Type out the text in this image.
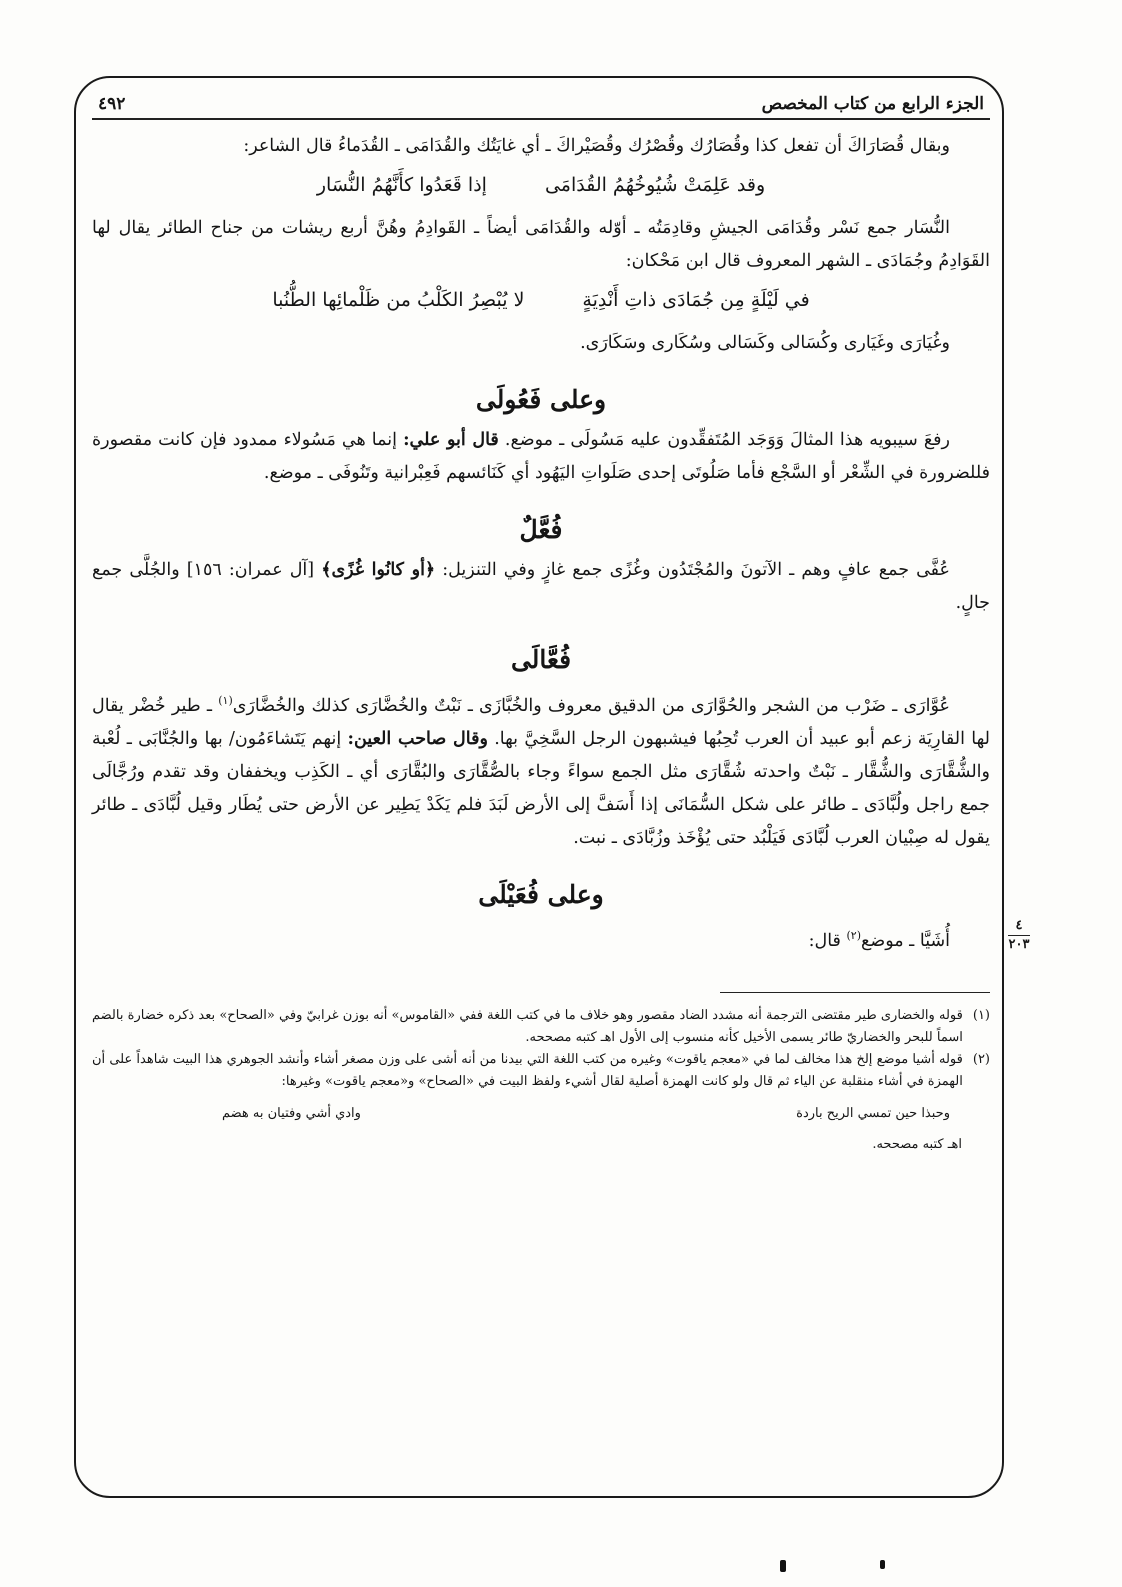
الجزء الرابع من كتاب المخصص
٤٩٢

وبقال قُصَارَاكَ أن تفعل كذا وقُصَارُك وقُصْرُك وقُصَيْراكَ ـ أي غايَتُك والقُدَامَى ـ القُدَماءُ قال الشاعر:

وقد عَلِمَتْ شُيُوخُهُمُ القُدَامَى
إذا قَعَدُوا كأَنَّهُمُ النُّسَار

النُّسَار جمع نَسْر وقُدَامَى الجيشِ وقادِمَتُه ـ أوّله والقُدَامَى أيضاً ـ القَوادِمُ وهُنَّ أربع ريشات من جناح الطائر يقال لها القَوَادِمُ وجُمَادَى ـ الشهر المعروف قال ابن مَحْكان:

في لَيْلَةٍ مِن جُمَادَى ذاتِ أَنْدِيَةٍ
لا يُبْصِرُ الكَلْبُ من ظَلْمائِها الطُّنُبا

وغُيَارَى وغَيَارى وكُسَالى وكَسَالى وسُكَارى وسَكَارَى.

وعلى فَعُولَى

رفعَ سيبويه هذا المثالَ وَوَجَد المُتَفقِّدون عليه مَسُولَى ـ موضع. قال أبو علي: إنما هي مَسُولاء ممدود فإن كانت مقصورة فللضرورة في الشِّعْر أو السَّجْع فأما صَلُوتَى إحدى صَلَواتِ اليَهُود أي كَنَائسهم فَعِبْرانية وتَنُوفَى ـ موضع.

فُعَّلٌ

عُفَّى جمع عافٍ وهم ـ الآتونَ والمُجْتَدُون وغُزًى جمع غازٍ وفي التنزيل: ﴿أو كانُوا غُزًى﴾ [آل عمران: ١٥٦] والجُلَّى جمع جالٍ.

فُعَّالَى

عُوَّارَى ـ ضَرْب من الشجر والحُوَّارَى من الدقيق معروف والخُبَّازَى ـ نَبْتٌ والخُضَّارَى كذلك والخُضَّارَى$^{(١)}$ ـ طير خُضْر يقال لها القارِيَة زعم أبو عبيد أن العرب تُحِبُها فيشبهون الرجل السَّخِيَّ بها. وقال صاحب العين: إنهم يَتَشاءَمُون/ بها والجُنَّابَى ـ لُعْبة والشُّقَّارَى والشُّقَّار ـ نَبْتٌ واحدته شُقَّارَى مثل الجمع سواءً وجاء بالصُّقَّارَى والبُقَّارَى أي ـ الكَذِب ويخففان وقد تقدم ورُجَّالَى جمع راجل ولُبَّادَى ـ طائر على شكل السُّمَانَى إذا أَسَفَّ إلى الأرض لَبَدَ فلم يَكَدْ يَطِير عن الأرض حتى يُطَار وقيل لُبَّادَى ـ طائر يقول له صِبْيان العرب لُبَّادَى فَيَلْبُد حتى يُؤْخَذ وزُبَّادَى ـ نبت.

وعلى فُعَيْلَى

أُشَيَّا ـ موضع$^{(٢)}$ قال:

(١)
قوله والخضارى طير مقتضى الترجمة أنه مشدد الضاد مقصور وهو خلاف ما في كتب اللغة ففي «القاموس» أنه بوزن غرابيّ وفي «الصحاح» بعد ذكره خضارة بالضم اسماً للبحر والخضاريّ طائر يسمى الأخيل كأنه منسوب إلى الأول اهـ كتبه مصححه.
(٢)
قوله أشيا موضع إلخ هذا مخالف لما في «معجم ياقوت» وغيره من كتب اللغة التي بيدنا من أنه أشى على وزن مصغر أشاء وأنشد الجوهري هذا البيت شاهداً على أن الهمزة في أشاء منقلبة عن الياء ثم قال ولو كانت الهمزة أصلية لقال أشيء ولفظ البيت في «الصحاح» و«معجم ياقوت» وغيرها:
وحبذا حين تمسي الريح باردة
وادي أشي وفتيان به هضم
اهـ كتبه مصححه.
٤
٢٠٣
